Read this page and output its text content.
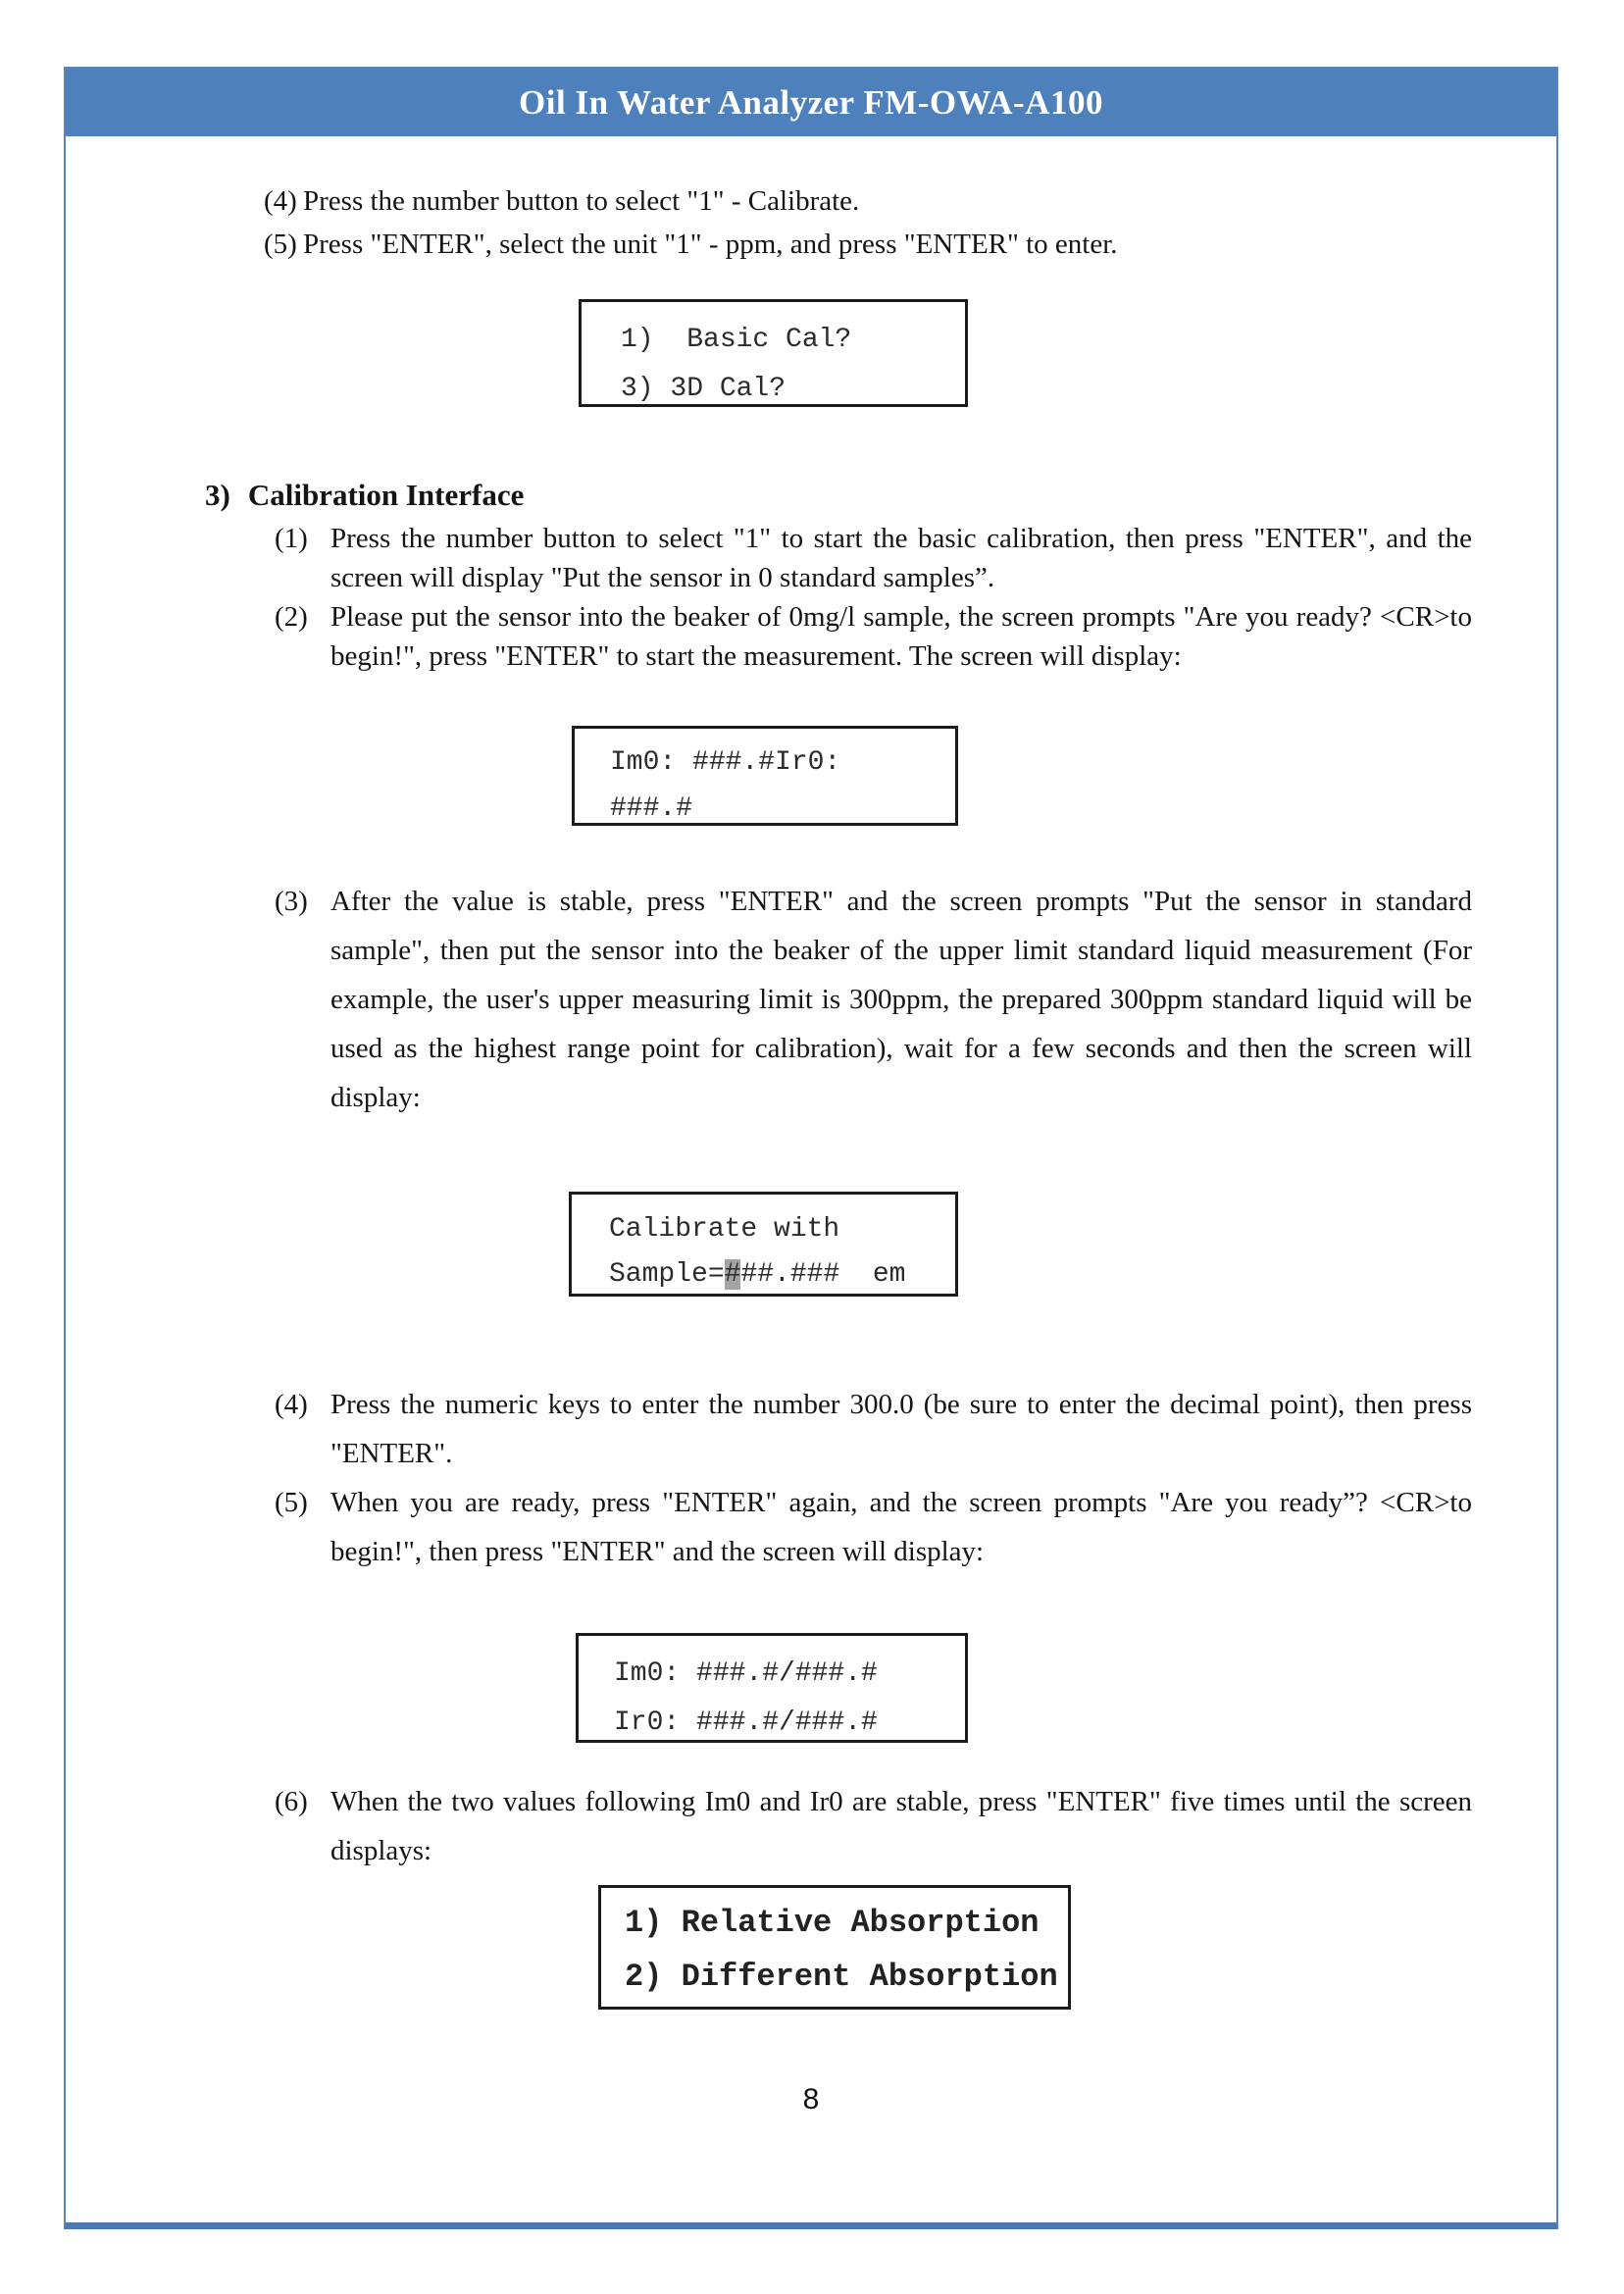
Oil In Water Analyzer FM-OWA-A100
(4) Press the number button to select "1" - Calibrate.
(5) Press "ENTER", select the unit "1" - ppm, and press "ENTER" to enter.
1)  Basic Cal?
3) 3D Cal?
3) Calibration Interface
(1) Press the number button to select "1" to start the basic calibration, then press "ENTER", and the screen will display "Put the sensor in 0 standard samples”.
(2) Please put the sensor into the beaker of 0mg/l sample, the screen prompts "Are you ready? <CR>to begin!", press "ENTER" to start the measurement. The screen will display:
Im0: ###.#Ir0:
###.#
(3) After the value is stable, press "ENTER" and the screen prompts "Put the sensor in standard sample", then put the sensor into the beaker of the upper limit standard liquid measurement (For example, the user's upper measuring limit is 300ppm, the prepared 300ppm standard liquid will be used as the highest range point for calibration), wait for a few seconds and then the screen will display:
Calibrate with
Sample=###.###  em
(4) Press the numeric keys to enter the number 300.0 (be sure to enter the decimal point), then press "ENTER".
(5) When you are ready, press "ENTER" again, and the screen prompts "Are you ready”? <CR>to begin!", then press "ENTER" and the screen will display:
Im0: ###.#/###.#
Ir0: ###.#/###.#
(6) When the two values following Im0 and Ir0 are stable, press "ENTER" five times until the screen displays:
1) Relative Absorption
2) Different Absorption
8
